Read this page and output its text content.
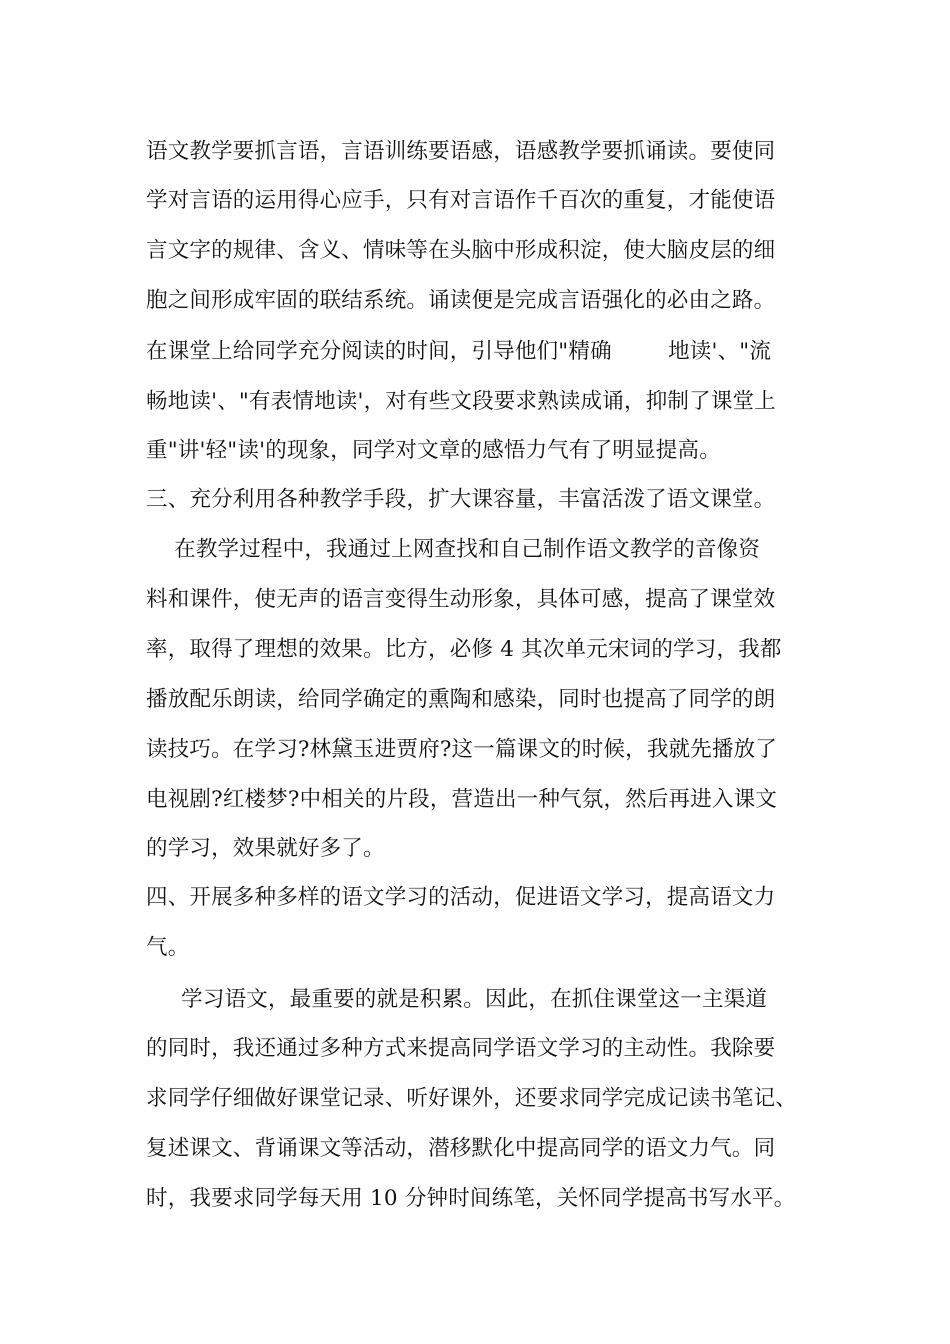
语文教学要抓言语，言语训练要语感，语感教学要抓诵读。要使同
学对言语的运用得心应手，只有对言语作千百次的重复，才能使语
言文字的规律、含义、情味等在头脑中形成积淀，使大脑皮层的细
胞之间形成牢固的联结系统。诵读便是完成言语强化的必由之路。
在课堂上给同学充分阅读的时间，引导他们"精确        地读'、"流
畅地读'、"有表情地读'，对有些文段要求熟读成诵，抑制了课堂上
重"讲'轻"读'的现象，同学对文章的感悟力气有了明显提高。
三、充分利用各种教学手段，扩大课容量，丰富活泼了语文课堂。
在教学过程中，我通过上网查找和自己制作语文教学的音像资
料和课件，使无声的语言变得生动形象，具体可感，提高了课堂效
率，取得了理想的效果。比方，必修 4 其次单元宋词的学习，我都
播放配乐朗读，给同学确定的熏陶和感染，同时也提高了同学的朗
读技巧。在学习?林黛玉进贾府?这一篇课文的时候，我就先播放了
电视剧?红楼梦?中相关的片段，营造出一种气氛，然后再进入课文
的学习，效果就好多了。
四、开展多种多样的语文学习的活动，促进语文学习，提高语文力
气。
学习语文，最重要的就是积累。因此，在抓住课堂这一主渠道
的同时，我还通过多种方式来提高同学语文学习的主动性。我除要
求同学仔细做好课堂记录、听好课外，还要求同学完成记读书笔记、
复述课文、背诵课文等活动，潜移默化中提高同学的语文力气。同
时，我要求同学每天用 10 分钟时间练笔，关怀同学提高书写水平。
